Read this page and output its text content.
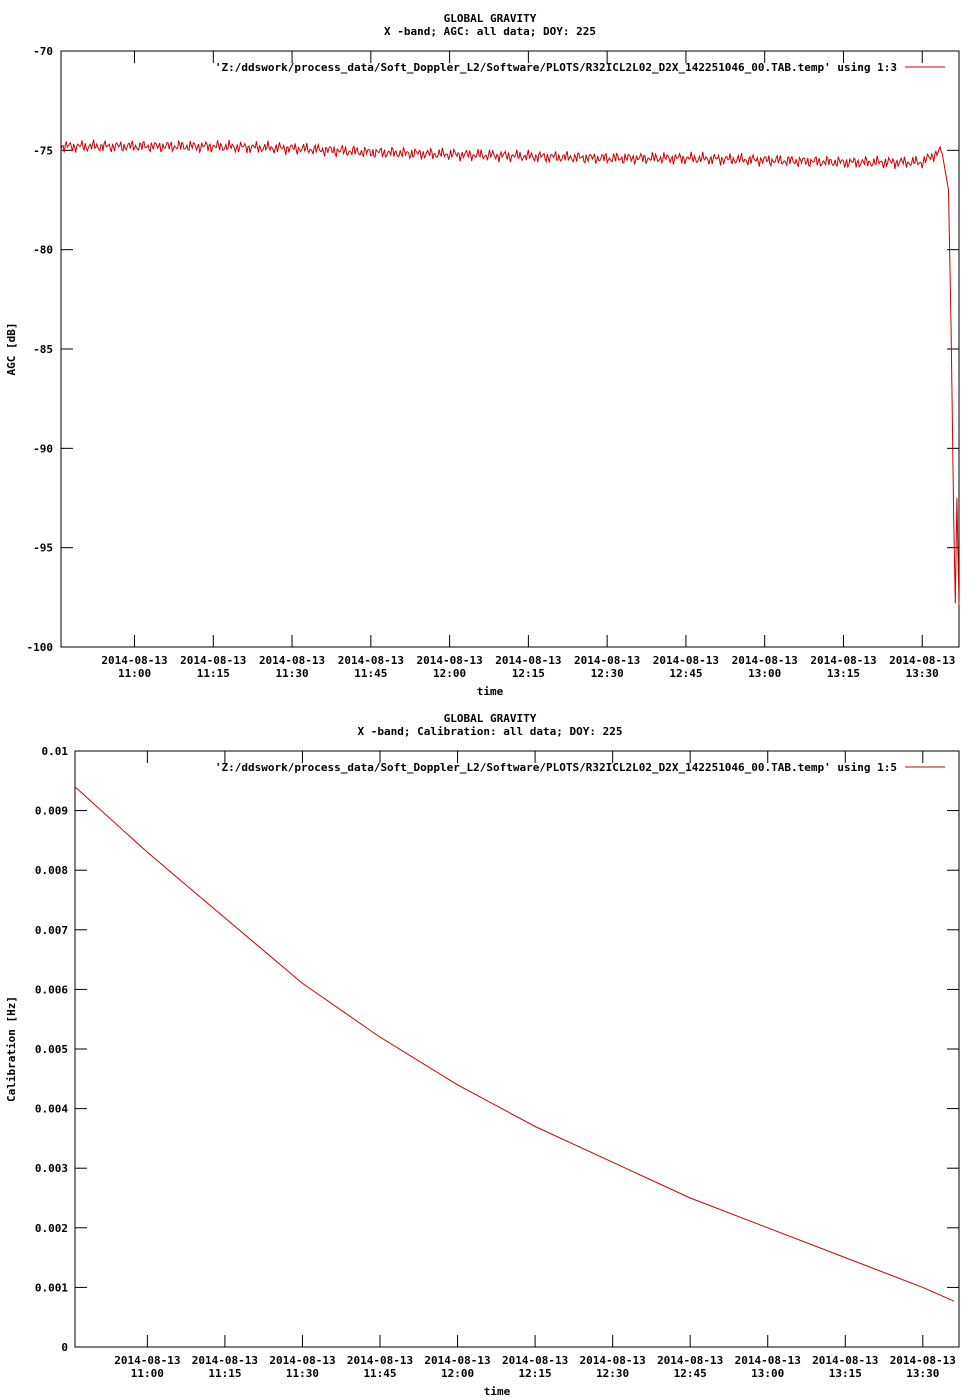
GLOBAL GRAVITY
X -band; AGC: all data; DOY: 225
-70
-75
-80
-85
-90
-95
-100
2014-08-13
11:00
2014-08-13
11:15
2014-08-13
11:30
2014-08-13
11:45
2014-08-13
12:00
2014-08-13
12:15
2014-08-13
12:30
2014-08-13
12:45
2014-08-13
13:00
2014-08-13
13:15
2014-08-13
13:30
time
AGC [dB]
'Z:/ddswork/process_data/Soft_Doppler_L2/Software/PLOTS/R32ICL2L02_D2X_142251046_00.TAB.temp' using 1:3
GLOBAL GRAVITY
X -band; Calibration: all data; DOY: 225
0.01
0.009
0.008
0.007
0.006
0.005
0.004
0.003
0.002
0.001
0
2014-08-13
11:00
2014-08-13
11:15
2014-08-13
11:30
2014-08-13
11:45
2014-08-13
12:00
2014-08-13
12:15
2014-08-13
12:30
2014-08-13
12:45
2014-08-13
13:00
2014-08-13
13:15
2014-08-13
13:30
time
Calibration [Hz]
'Z:/ddswork/process_data/Soft_Doppler_L2/Software/PLOTS/R32ICL2L02_D2X_142251046_00.TAB.temp' using 1:5
